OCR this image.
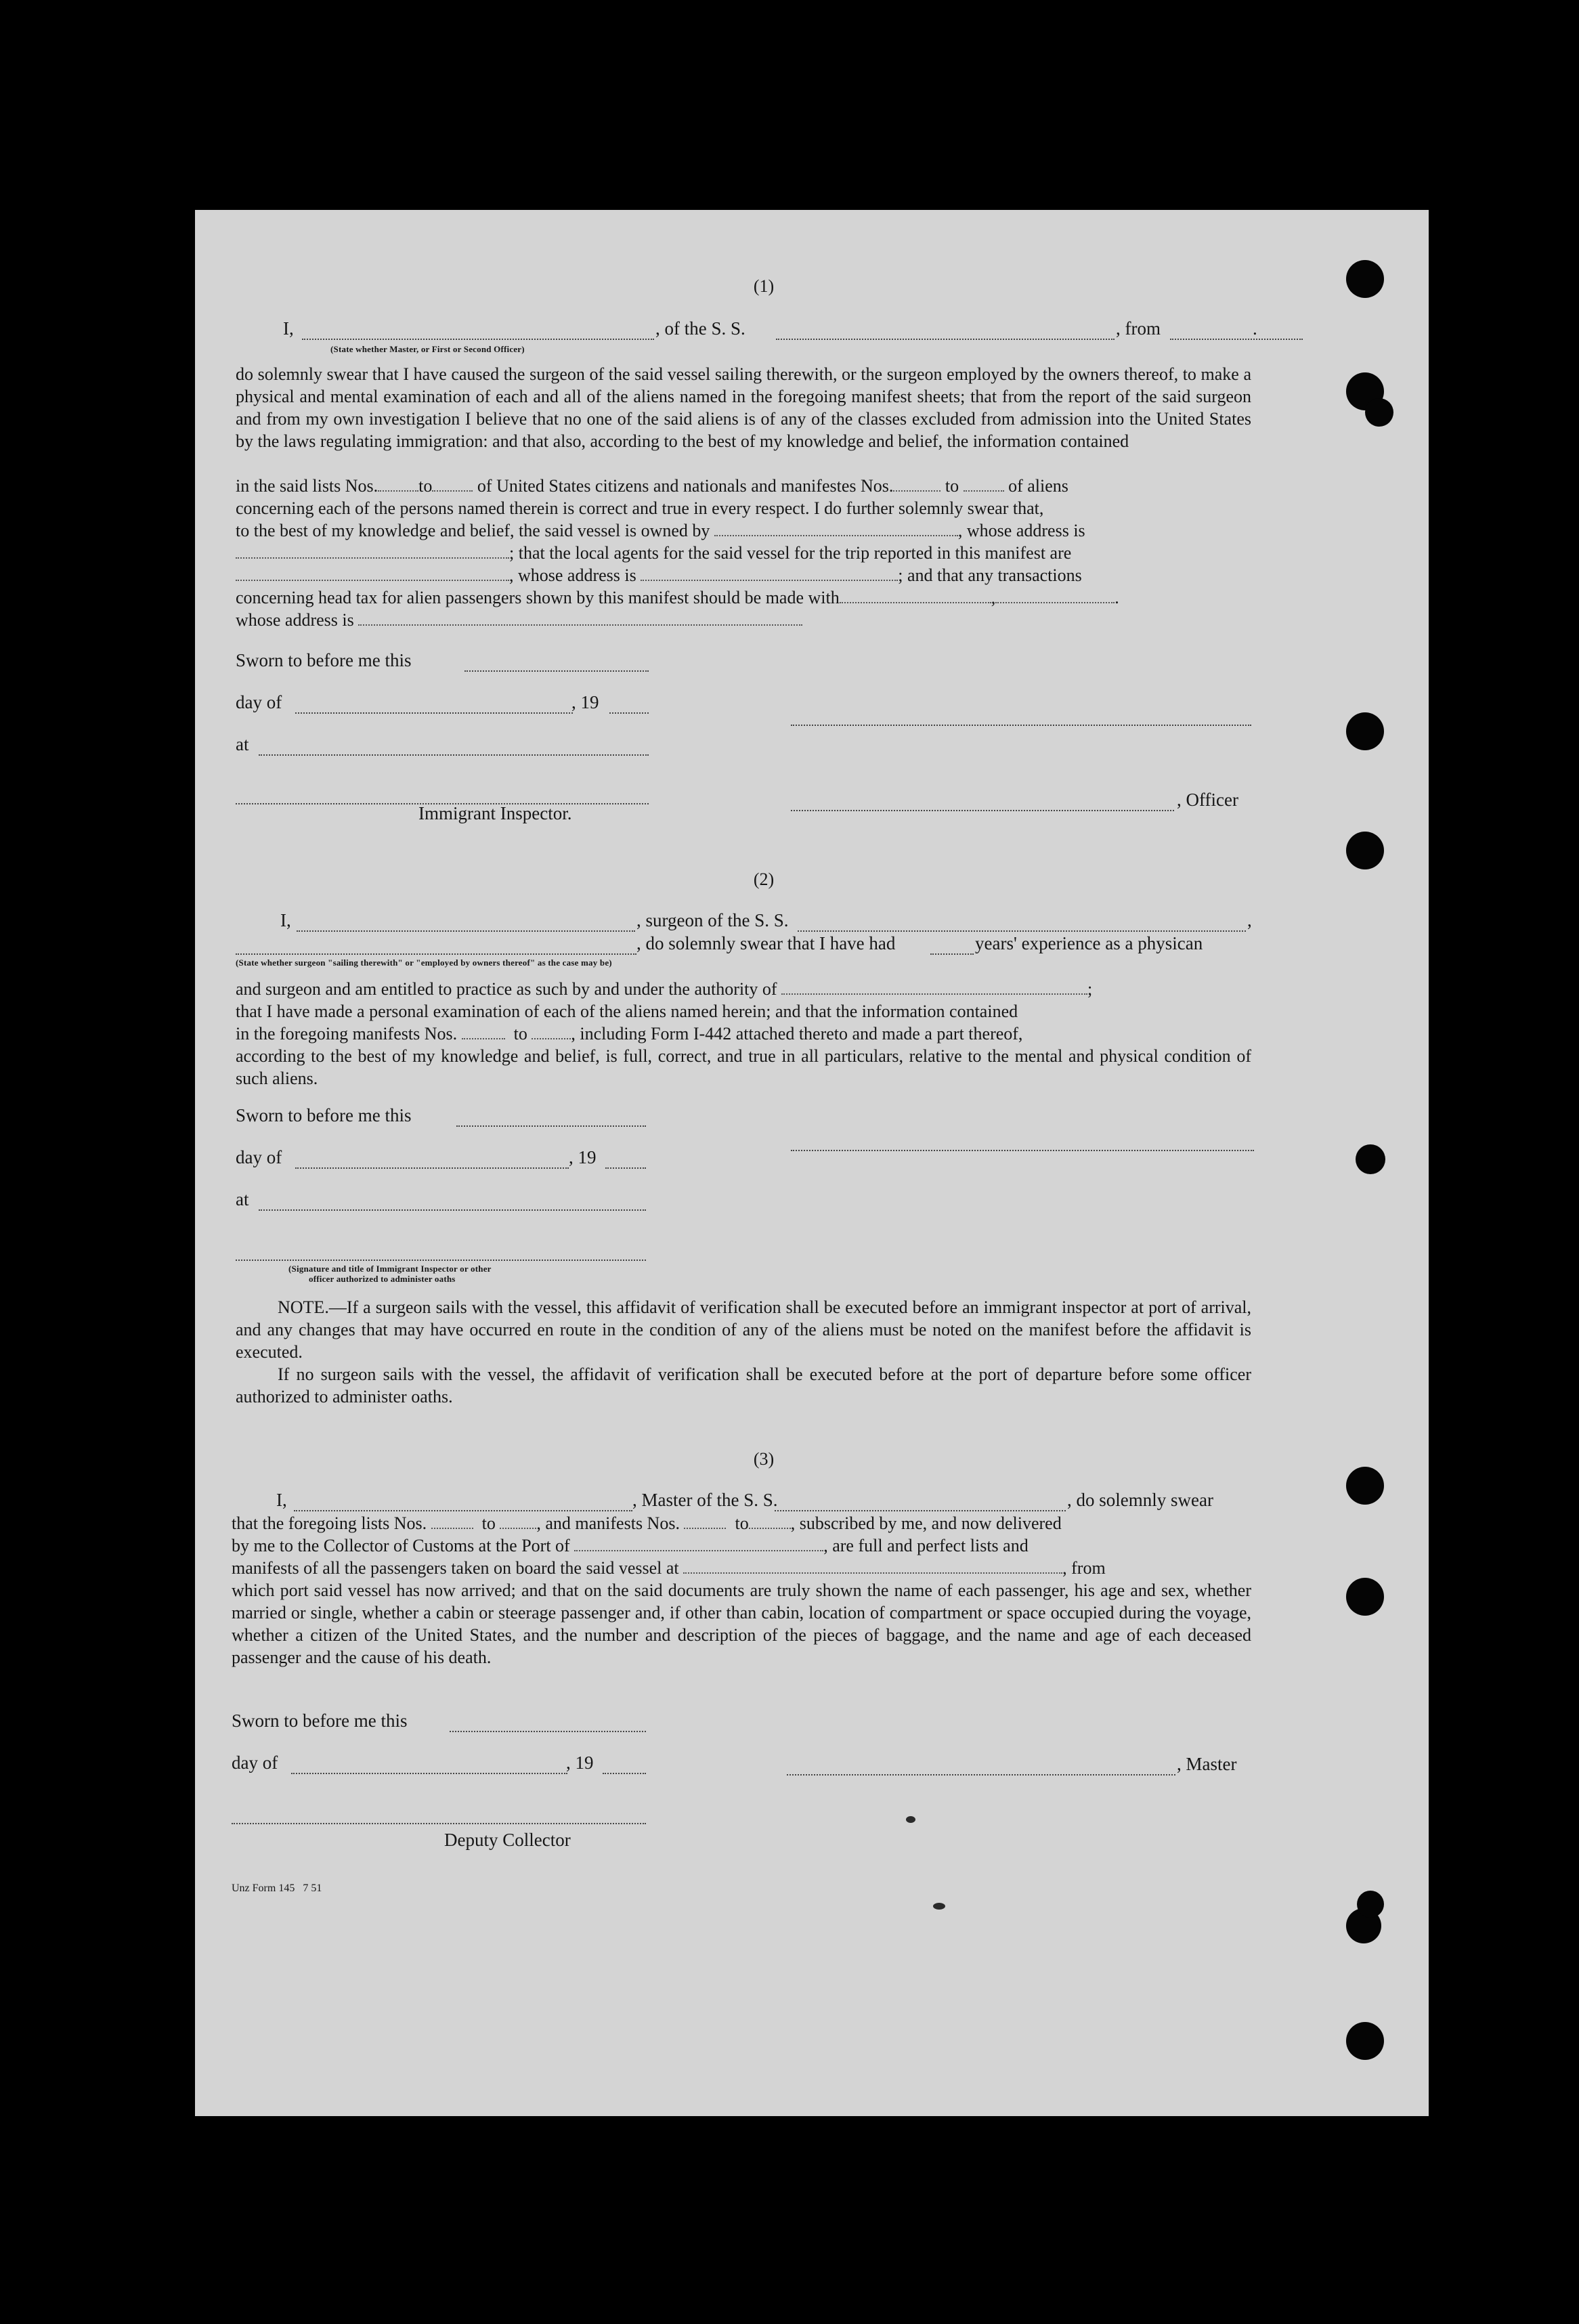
(1)
I,	, of the S. S.	, from	.
(State whether Master, or First or Second Officer)
do solemnly swear that I have caused the surgeon of the said vessel sailing therewith, or the surgeon employed by the owners thereof, to make a physical and mental examination of each and all of the aliens named in the foregoing manifest sheets; that from the report of the said surgeon and from my own investigation I believe that no one of the said aliens is of any of the classes excluded from admission into the United States by the laws regulating immigration: and that also, according to the best of my knowledge and belief, the information contained
in the said lists Nos. to	of United States citizens and nationals and manifestes Nos.	to	of aliens
concerning each of the persons named therein is correct and true in every respect. I do further solemnly swear that,
to the best of my knowledge and belief, the said vessel is owned by	, whose address is
; that the local agents for the said vessel for the trip reported in this manifest are
, whose address is	; and that any transactions
concerning head tax for alien passengers shown by this manifest should be made with	,	.
whose address is
Sworn to before me this
day of	, 19
at
, Officer
Immigrant Inspector.
(2)
I,	, surgeon of the S. S.	,
, do solemnly swear that I have had	years' experience as a physican
(State whether surgeon "sailing therewith" or "employed by owners thereof" as the case may be)
and surgeon and am entitled to practice as such by and under the authority of	;
that I have made a personal examination of each of the aliens named herein; and that the information contained
in the foregoing manifests Nos.	to , including Form I-442 attached thereto and made a part thereof,
according to the best of my knowledge and belief, is full, correct, and true in all particulars, relative to the mental and physical condition of such aliens.
Sworn to before me this
day of	, 19
at
(Signature and title of Immigrant Inspector or other
officer authorized to administer oaths
NOTE.—If a surgeon sails with the vessel, this affidavit of verification shall be executed before an immigrant inspector at port of arrival, and any changes that may have occurred en route in the condition of any of the aliens must be noted on the manifest before the affidavit is executed.
If no surgeon sails with the vessel, the affidavit of verification shall be executed before at the port of departure before some officer authorized to administer oaths.
(3)
I,	, Master of the S. S.	, do solemnly swear
that the foregoing lists Nos.	to , and manifests Nos.	to , subscribed by me, and now delivered
by me to the Collector of Customs at the Port of	, are full and perfect lists and
manifests of all the passengers taken on board the said vessel at	, from
which port said vessel has now arrived; and that on the said documents are truly shown the name of each passenger, his age and sex, whether married or single, whether a cabin or steerage passenger and, if other than cabin, location of compartment or space occupied during the voyage, whether a citizen of the United States, and the number and description of the pieces of baggage, and the name and age of each deceased passenger and the cause of his death.
Sworn to before me this
day of	, 19	, Master
Deputy Collector
Unz Form 145   7 51
